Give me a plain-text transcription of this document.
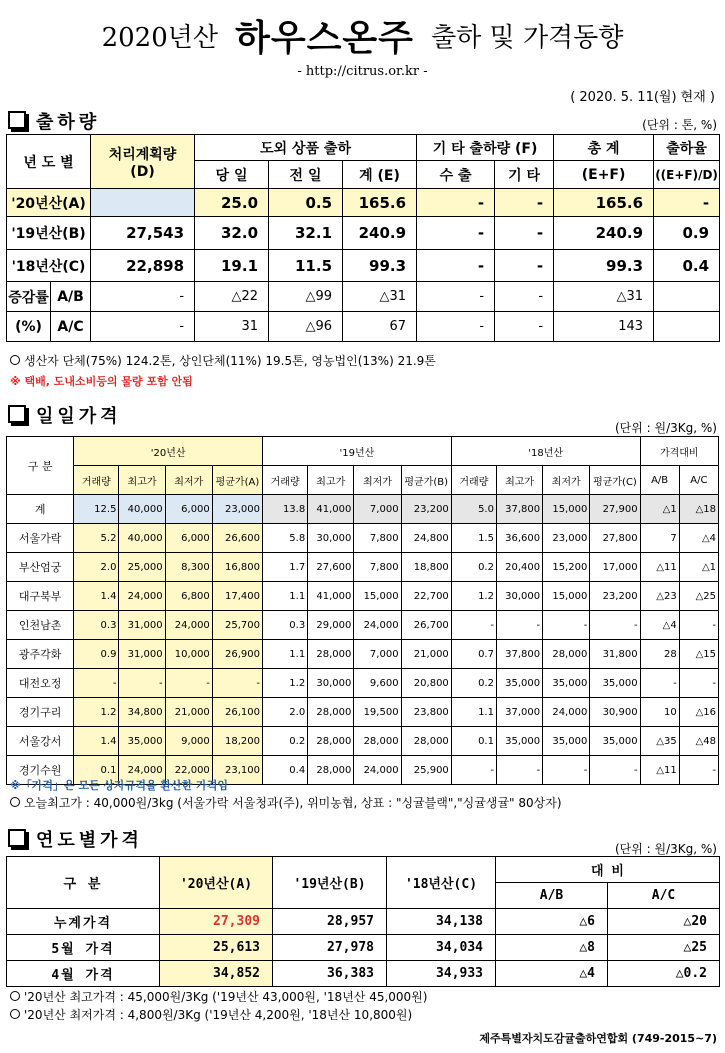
2020년산 하우스온주 출하 및 가격동향
- http://citrus.or.kr -
( 2020. 5. 11(월) 현재 )
출하량	(단위 : 톤, %)
년 도 별		처리계획량
(D)	도외 상품 출하			기 타 출하량 (F)		총 계	출하율
			당 일	전 일	계 (E)	수 출	기 타	(E+F)	((E+F)/D)
'20년산(A)			25.0	0.5	165.6	-	-	165.6	-
'19년산(B)		27,543	32.0	32.1	240.9	-	-	240.9	0.9
'18년산(C)		22,898	19.1	11.5	99.3	-	-	99.3	0.4
증감률	A/B	-	△22	△99	△31	-	-	△31	
(%)	A/C	-	31	△96	67	-	-	143	
생산자 단체(75%) 124.2톤, 상인단체(11%) 19.5톤, 영농법인(13%) 21.9톤
※ 택배, 도내소비등의 물량 포함 안됨
일일가격
(단위 : 원/3Kg, %)
구 분	'20년산				'19년산				'18년산				가격대비	
	거래량	최고가	최저가	평균가(A)	거래량	최고가	최저가	평균가(B)	거래량	최고가	최저가	평균가(C)	A/B	A/C
계	12.5	40,000	6,000	23,000	13.8	41,000	7,000	23,200	5.0	37,800	15,000	27,900	△1	△18
서울가락	5.2	40,000	6,000	26,600	5.8	30,000	7,800	24,800	1.5	36,600	23,000	27,800	7	△4
부산엄궁	2.0	25,000	8,300	16,800	1.7	27,600	7,800	18,800	0.2	20,400	15,200	17,000	△11	△1
대구북부	1.4	24,000	6,800	17,400	1.1	41,000	15,000	22,700	1.2	30,000	15,000	23,200	△23	△25
인천남촌	0.3	31,000	24,000	25,700	0.3	29,000	24,000	26,700	-	-	-	-	△4	-
광주각화	0.9	31,000	10,000	26,900	1.1	28,000	7,000	21,000	0.7	37,800	28,000	31,800	28	△15
대전오정	-	-	-	-	1.2	30,000	9,600	20,800	0.2	35,000	35,000	35,000	-	-
경기구리	1.2	34,800	21,000	26,100	2.0	28,000	19,500	23,800	1.1	37,000	24,000	30,900	10	△16
서울강서	1.4	35,000	9,000	18,200	0.2	28,000	28,000	28,000	0.1	35,000	35,000	35,000	△35	△48
경기수원	0.1	24,000	22,000	23,100	0.4	28,000	24,000	25,900	-	-	-	-	△11	-
※「가격」은 모든 상자규격을 환산한 가격임
오늘최고가 : 40,000원/3kg (서울가락 서울청과(주), 위미농협, 상표 : "싱귤블랙","싱귤생귤" 80상자)
연도별가격	(단위 : 원/3Kg, %)
구 분	'20년산(A)	'19년산(B)	'18년산(C)	대 비	
				A/B	A/C
누계가격	27,309	28,957	34,138	△6	△20
5월 가격	25,613	27,978	34,034	△8	△25
4월 가격	34,852	36,383	34,933	△4	△0.2
'20년산 최고가격 : 45,000원/3Kg ('19년산 43,000원, '18년산 45,000원)
'20년산 최저가격 : 4,800원/3Kg ('19년산 4,200원, '18년산 10,800원)
제주특별자치도감귤출하연합회 (749-2015~7)
